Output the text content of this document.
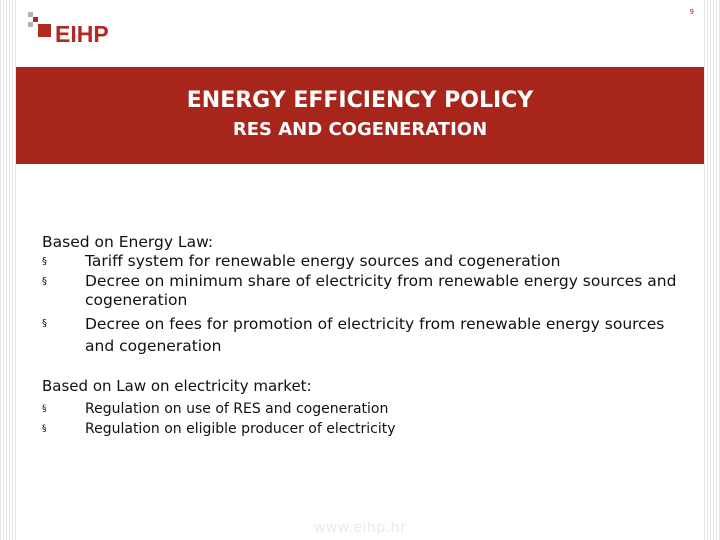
9
EIHP
ENERGY EFFICIENCY POLICY
RES AND COGENERATION
Based on Energy Law:
§	Tariff system for renewable energy sources and cogeneration
§	Decree on minimum share of electricity from renewable energy sources and cogeneration
§	Decree on fees for promotion of electricity from renewable energy sources and cogeneration
Based on Law on electricity market:
§	Regulation on use of RES and cogeneration
§	Regulation on eligible producer of electricity
www.eihp.hr
